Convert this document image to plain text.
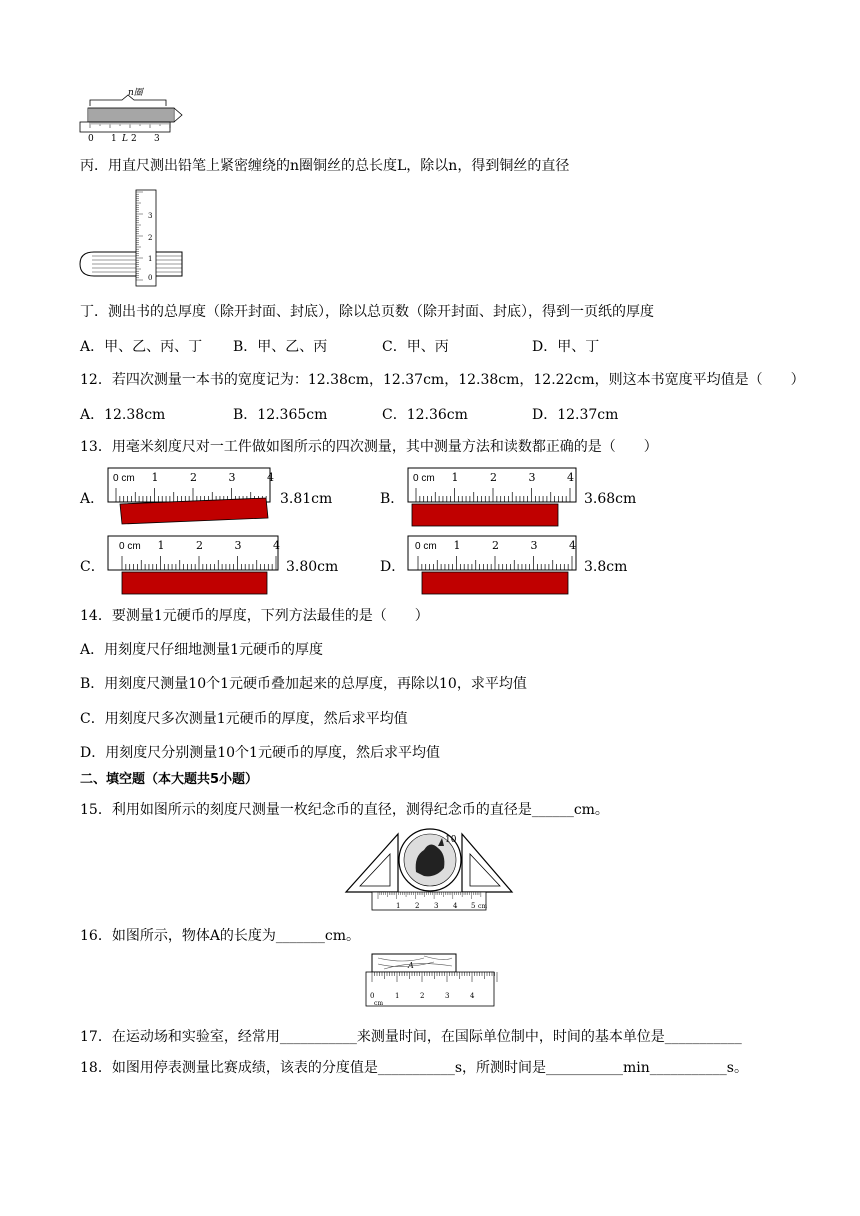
n圈
0 1 L 2 3
丙．用直尺测出铅笔上紧密缠绕的n圈铜丝的总长度L，除以n，得到铜丝的直径
3
2
1
0
丁．测出书的总厚度（除开封面、封底），除以总页数（除开封面、封底），得到一页纸的厚度
A．甲、乙、丙、丁 B．甲、乙、丙	C．甲、丙	D．甲、丁
12．若四次测量一本书的宽度记为：12.38cm，12.37cm，12.38cm，12.22cm，则这本书宽度平均值是（　　）
A．12.38cm	B．12.365cm	C．12.36cm	D．12.37cm
13．用毫米刻度尺对一工件做如图所示的四次测量，其中测量方法和读数都正确的是（　　）
A．
0 cm 1	2	3	4
3.81cm	B．
0 cm 1	2	3	4
3.68cm
C．
0 cm 1	2	3	4
3.80cm	D．
0 cm 1	2	3	4
3.8cm
14．要测量1元硬币的厚度，下列方法最佳的是（　　）
A．用刻度尺仔细地测量1元硬币的厚度
B．用刻度尺测量10个1元硬币叠加起来的总厚度，再除以10，求平均值
C．用刻度尺多次测量1元硬币的厚度，然后求平均值
D．用刻度尺分别测量10个1元硬币的厚度，然后求平均值
二、填空题（本大题共5小题）
15．利用如图所示的刻度尺测量一枚纪念币的直径，测得纪念币的直径是______cm。
10
1 2 3 4 5 cm
16．如图所示，物体A的长度为_______cm。
A
0	1	2	3	4
cm
17．在运动场和实验室，经常用___________来测量时间，在国际单位制中，时间的基本单位是___________
18．如图用停表测量比赛成绩，该表的分度值是___________s，所测时间是___________min___________s。
